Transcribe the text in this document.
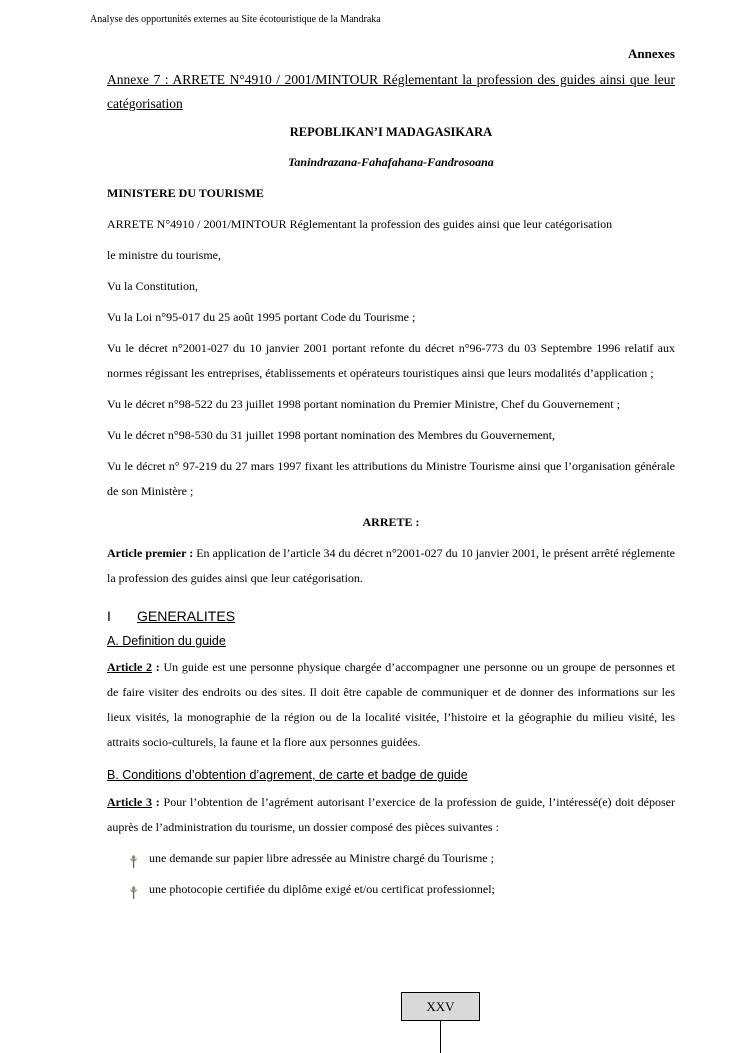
Analyse des opportunités externes au Site écotouristique de la Mandraka

Annexes

Annexe 7 : ARRETE N°4910 / 2001/MINTOUR Réglementant la profession des guides ainsi que leur catégorisation

REPOBLIKAN’I MADAGASIKARA

Tanindrazana-Fahafahana-Fandrosoana

MINISTERE DU TOURISME

ARRETE N°4910 / 2001/MINTOUR Réglementant la profession des guides ainsi que leur catégorisation

le ministre du tourisme,

Vu la Constitution,

Vu la Loi n°95-017 du 25 août 1995 portant Code du Tourisme ;

Vu le décret n°2001-027 du 10 janvier 2001 portant refonte du décret n°96-773 du 03 Septembre 1996 relatif aux normes régissant les entreprises, établissements et opérateurs touristiques ainsi que leurs modalités d’application ;

Vu le décret n°98-522 du 23 juillet 1998 portant nomination du Premier Ministre, Chef du Gouvernement ;

Vu le décret n°98-530 du 31 juillet 1998 portant nomination des Membres du Gouvernement,

Vu le décret n° 97-219 du 27 mars 1997 fixant les attributions du Ministre Tourisme ainsi que l’organisation générale de son Ministère ;

ARRETE :

Article premier : En application de l’article 34 du décret n°2001-027 du 10 janvier 2001, le présent arrêté réglemente la profession des guides ainsi que leur catégorisation.

I GENERALITES
A. Definition du guide

Article 2 : Un guide est une personne physique chargée d’accompagner une personne ou un groupe de personnes et de faire visiter des endroits ou des sites. Il doit être capable de communiquer et de donner des informations sur les lieux visités, la monographie de la région ou de la localité visitée, l’histoire et la géographie du milieu visité, les attraits socio-culturels, la faune et la flore aux personnes guidées.

B. Conditions d’obtention d’agrement, de carte et badge de guide

Article 3 : Pour l’obtention de l’agrément autorisant l’exercice de la profession de guide, l’intéressé(e) doit déposer auprès de l’administration du tourisme, un dossier composé des pièces suivantes :

une demande sur papier libre adressée au Ministre chargé du Tourisme ;
une photocopie certifiée du diplôme exigé et/ou certificat professionnel;
XXV
